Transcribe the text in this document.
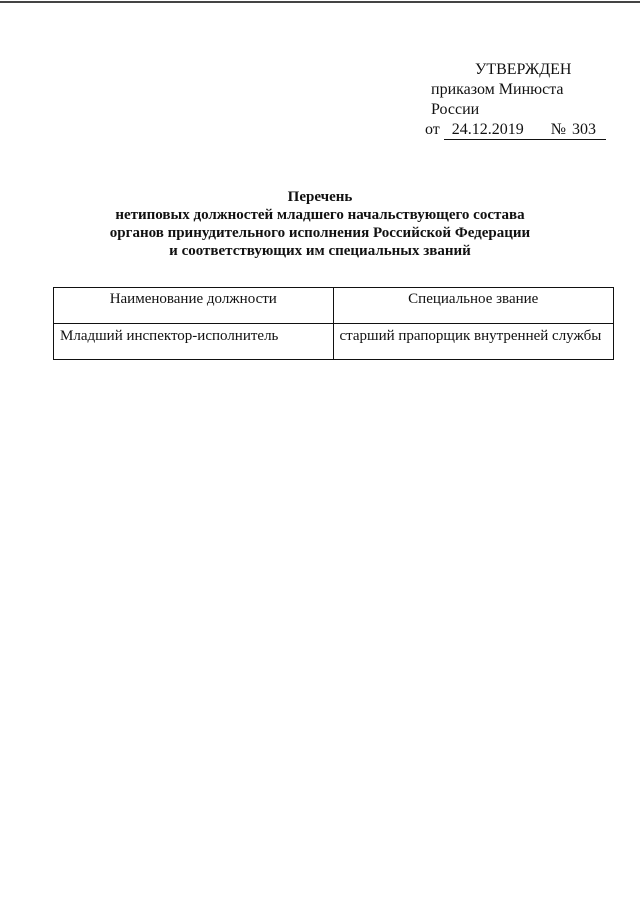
УТВЕРЖДЕН
приказом Минюста России
от 24.12.2019	№ 303
Перечень
нетиповых должностей младшего начальствующего состава
органов принудительного исполнения Российской Федерации
и соответствующих им специальных званий
Наименование должности	Специальное звание
Младший инспектор-исполнитель	старший прапорщик внутренней службы
